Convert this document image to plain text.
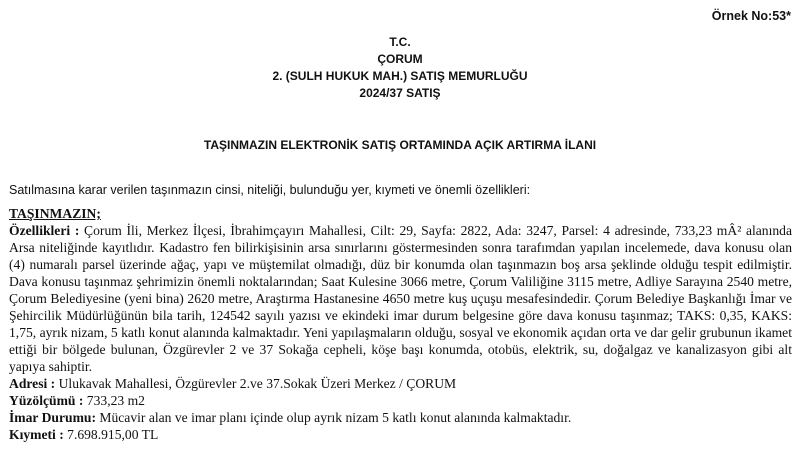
Örnek No:53*
T.C.
ÇORUM
2. (SULH HUKUK MAH.) SATIŞ MEMURLUĞU
2024/37 SATIŞ
TAŞINMAZIN ELEKTRONİK SATIŞ ORTAMINDA AÇIK ARTIRMA İLANI
Satılmasına karar verilen taşınmazın cinsi, niteliği, bulunduğu yer, kıymeti ve önemli özellikleri:

TAŞINMAZIN;

Özellikleri : Çorum İli, Merkez İlçesi, İbrahimçayırı Mahallesi, Cilt: 29, Sayfa: 2822, Ada: 3247, Parsel: 4 adresinde, 733,23 mÂ² alanında Arsa niteliğinde kayıtlıdır. Kadastro fen bilirkişisinin arsa sınırlarını göstermesinden sonra tarafımdan yapılan incelemede, dava konusu olan (4) numaralı parsel üzerinde ağaç, yapı ve müştemilat olmadığı, düz bir konumda olan taşınmazın boş arsa şeklinde olduğu tespit edilmiştir. Dava konusu taşınmaz şehrimizin önemli noktalarından; Saat Kulesine 3066 metre, Çorum Valiliğine 3115 metre, Adliye Sarayına 2540 metre, Çorum Belediyesine (yeni bina) 2620 metre, Araştırma Hastanesine 4650 metre kuş uçuşu mesafesindedir. Çorum Belediye Başkanlığı İmar ve Şehircilik Müdürlüğünün bila tarih, 124542 sayılı yazısı ve ekindeki imar durum belgesine göre dava konusu taşınmaz; TAKS: 0,35, KAKS: 1,75, ayrık nizam, 5 katlı konut alanında kalmaktadır. Yeni yapılaşmaların olduğu, sosyal ve ekonomik açıdan orta ve dar gelir grubunun ikamet ettiği bir bölgede bulunan, Özgürevler 2 ve 37 Sokağa cepheli, köşe başı konumda, otobüs, elektrik, su, doğalgaz ve kanalizasyon gibi alt yapıya sahiptir.

Adresi : Ulukavak Mahallesi, Özgürevler 2.ve 37.Sokak Üzeri Merkez / ÇORUM

Yüzölçümü : 733,23 m2

İmar Durumu: Mücavir alan ve imar planı içinde olup ayrık nizam 5 katlı konut alanında kalmaktadır.

Kıymeti : 7.698.915,00 TL
